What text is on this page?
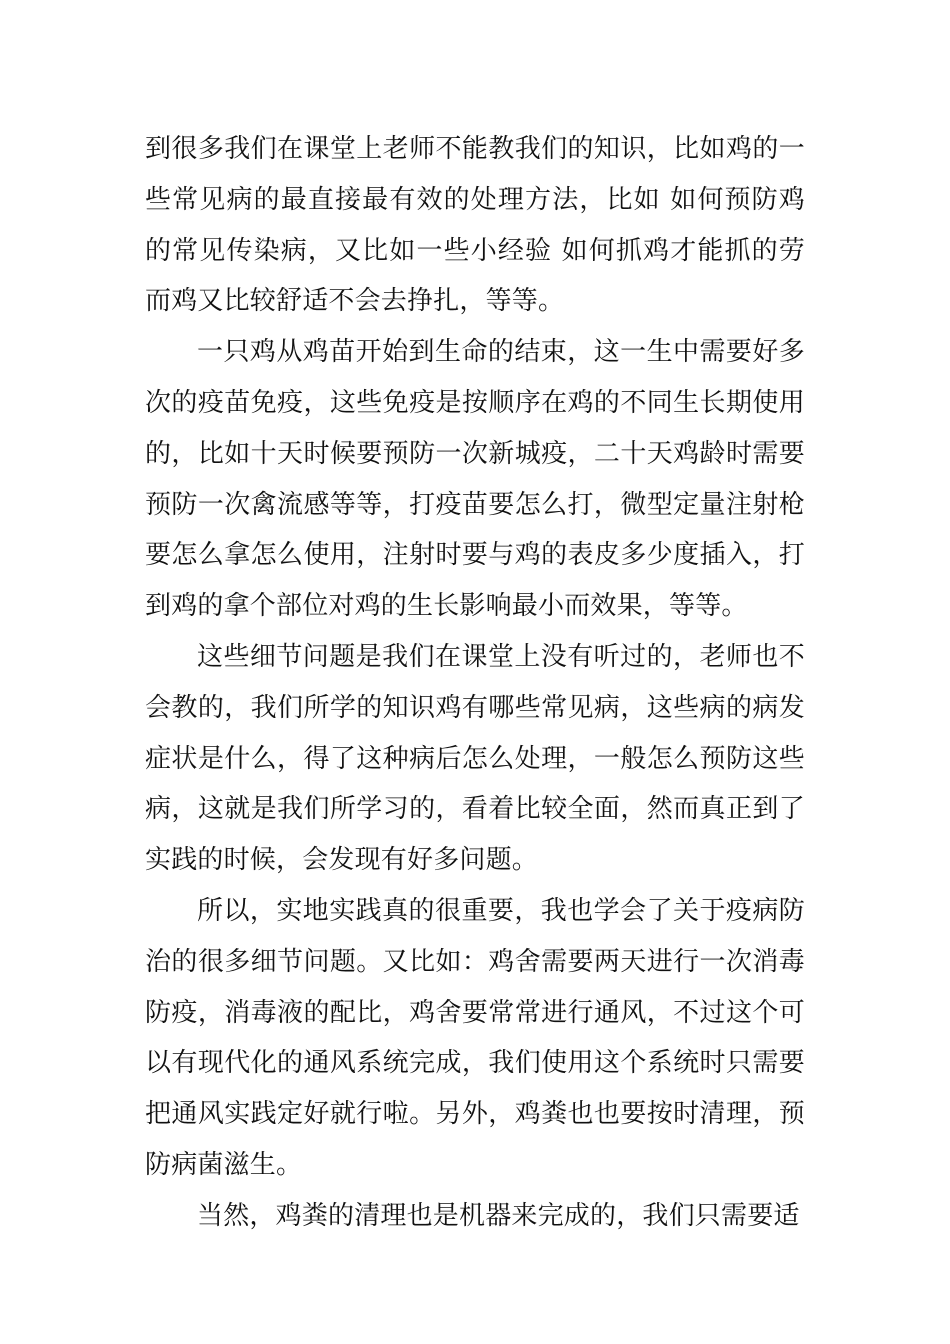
到很多我们在课堂上老师不能教我们的知识，比如鸡的一些常见病的最直接最有效的处理方法，比如 如何预防鸡的常见传染病，又比如一些小经验 如何抓鸡才能抓的劳而鸡又比较舒适不会去挣扎，等等。

一只鸡从鸡苗开始到生命的结束，这一生中需要好多次的疫苗免疫，这些免疫是按顺序在鸡的不同生长期使用的，比如十天时候要预防一次新城疫，二十天鸡龄时需要预防一次禽流感等等，打疫苗要怎么打，微型定量注射枪要怎么拿怎么使用，注射时要与鸡的表皮多少度插入，打到鸡的拿个部位对鸡的生长影响最小而效果，等等。

这些细节问题是我们在课堂上没有听过的，老师也不会教的，我们所学的知识鸡有哪些常见病，这些病的病发症状是什么，得了这种病后怎么处理，一般怎么预防这些病，这就是我们所学习的，看着比较全面，然而真正到了实践的时候，会发现有好多问题。

所以，实地实践真的很重要，我也学会了关于疫病防治的很多细节问题。又比如：鸡舍需要两天进行一次消毒防疫，消毒液的配比，鸡舍要常常进行通风，不过这个可以有现代化的通风系统完成，我们使用这个系统时只需要把通风实践定好就行啦。另外，鸡粪也也要按时清理，预防病菌滋生。

当然，鸡粪的清理也是机器来完成的，我们只需要适
